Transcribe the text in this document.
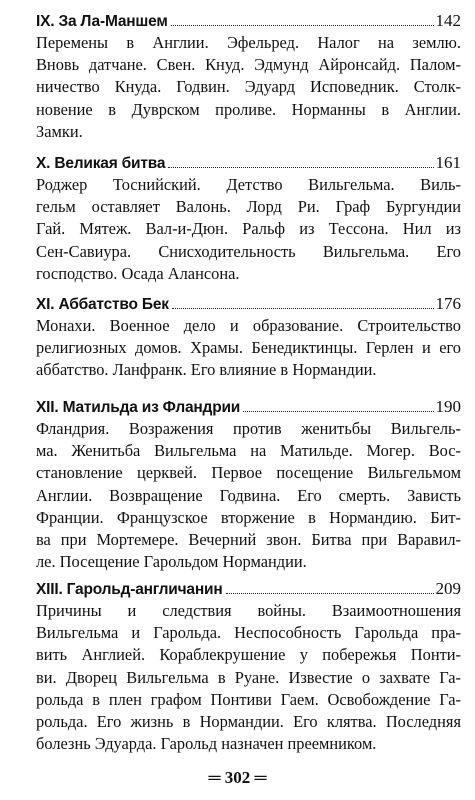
IX. За Ла-Маншем	142

Перемены в Англии. Эфельред. Налог на землю.
Вновь датчане. Свен. Кнуд. Эдмунд Айронсайд. Палом-
ничество Кнуда. Годвин. Эдуард Исповедник. Столк-
новение в Дуврском проливе. Норманны в Англии.
Замки.

X. Великая битва	161

Роджер Тоснийский. Детство Вильгельма. Виль-
гельм оставляет Валонь. Лорд Ри. Граф Бургундии
Гай. Мятеж. Вал-и-Дюн. Ральф из Тессона. Нил из
Сен-Савиура. Снисходительность Вильгельма. Его
господство. Осада Алансона.

XI. Аббатство Бек	176

Монахи. Военное дело и образование. Строительство
религиозных домов. Храмы. Бенедиктинцы. Герлен и его
аббатство. Ланфранк. Его влияние в Нормандии.

XII. Матильда из Фландрии	190

Фландрия. Возражения против женитьбы Вильгель-
ма. Женитьба Вильгельма на Матильде. Могер. Вос-
становление церквей. Первое посещение Вильгельмом
Англии. Возвращение Годвина. Его смерть. Зависть
Франции. Французское вторжение в Нормандию. Бит-
ва при Мортемере. Вечерний звон. Битва при Варавил-
ле. Посещение Гарольдом Нормандии.

XIII. Гарольд-англичанин	209

Причины и следствия войны. Взаимоотношения
Вильгельма и Гарольда. Неспособность Гарольда пра-
вить Англией. Кораблекрушение у побережья Понти-
ви. Дворец Вильгельма в Руане. Известие о захвате Га-
рольда в плен графом Понтиви Гаем. Освобождение Га-
рольда. Его жизнь в Нормандии. Его клятва. Последняя
болезнь Эдуарда. Гарольд назначен преемником.

═ 302 ═
